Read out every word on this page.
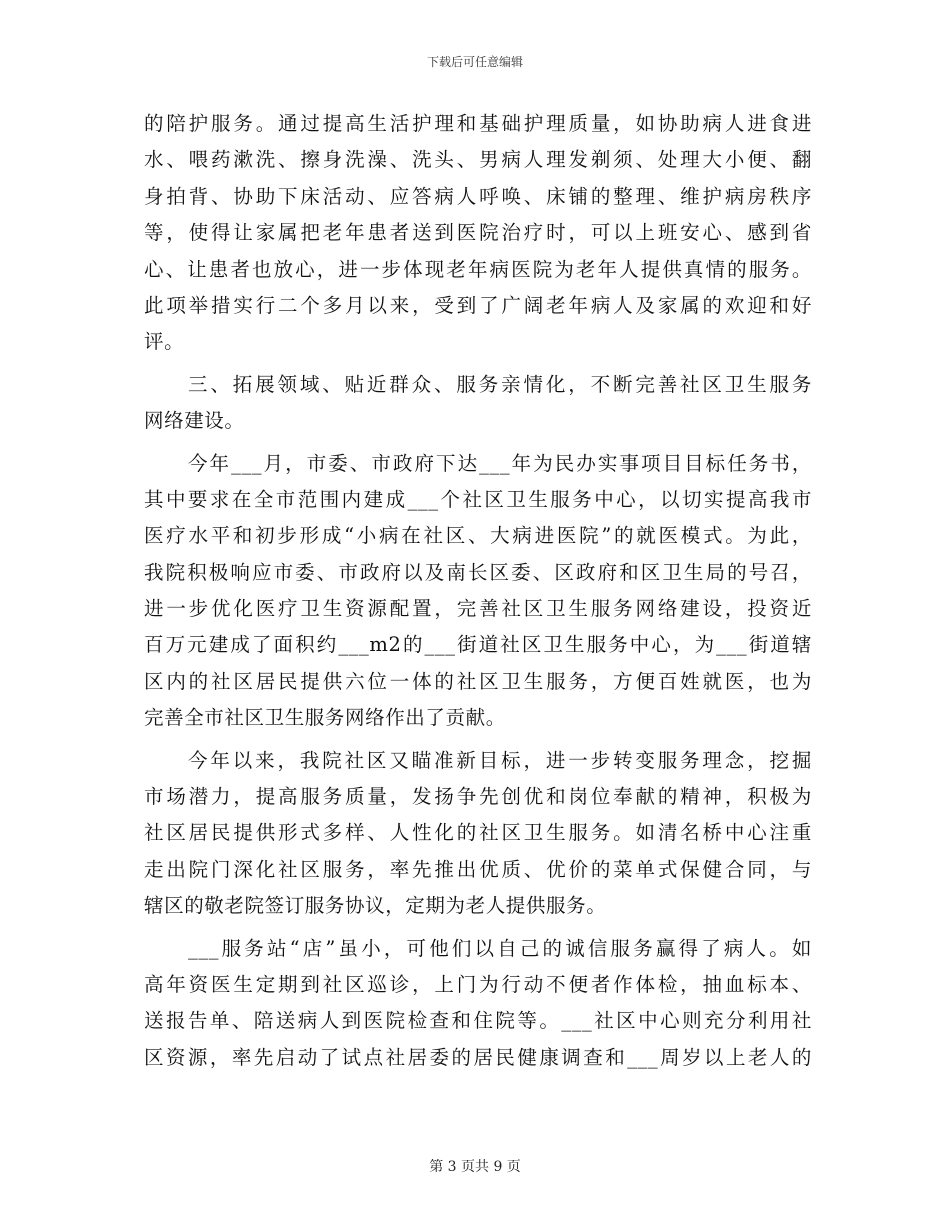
下载后可任意编辑
的陪护服务。通过提高生活护理和基础护理质量，如协助病人进食进
水、喂药漱洗、擦身洗澡、洗头、男病人理发剃须、处理大小便、翻
身拍背、协助下床活动、应答病人呼唤、床铺的整理、维护病房秩序
等，使得让家属把老年患者送到医院治疗时，可以上班安心、感到省
心、让患者也放心，进一步体现老年病医院为老年人提供真情的服务。
此项举措实行二个多月以来，受到了广阔老年病人及家属的欢迎和好
评。
三、拓展领域、贴近群众、服务亲情化，不断完善社区卫生服务
网络建设。
今年___月，市委、市政府下达___年为民办实事项目目标任务书，
其中要求在全市范围内建成___个社区卫生服务中心，以切实提高我市
医疗水平和初步形成“小病在社区、大病进医院”的就医模式。为此，
我院积极响应市委、市政府以及南长区委、区政府和区卫生局的号召，
进一步优化医疗卫生资源配置，完善社区卫生服务网络建设，投资近
百万元建成了面积约___m2的___街道社区卫生服务中心，为___街道辖
区内的社区居民提供六位一体的社区卫生服务，方便百姓就医，也为
完善全市社区卫生服务网络作出了贡献。
今年以来，我院社区又瞄准新目标，进一步转变服务理念，挖掘
市场潜力，提高服务质量，发扬争先创优和岗位奉献的精神，积极为
社区居民提供形式多样、人性化的社区卫生服务。如清名桥中心注重
走出院门深化社区服务，率先推出优质、优价的菜单式保健合同，与
辖区的敬老院签订服务协议，定期为老人提供服务。
___服务站“店”虽小，可他们以自己的诚信服务赢得了病人。如
高年资医生定期到社区巡诊，上门为行动不便者作体检，抽血标本、
送报告单、陪送病人到医院检查和住院等。___社区中心则充分利用社
区资源，率先启动了试点社居委的居民健康调查和___周岁以上老人的
第 3 页共 9 页
